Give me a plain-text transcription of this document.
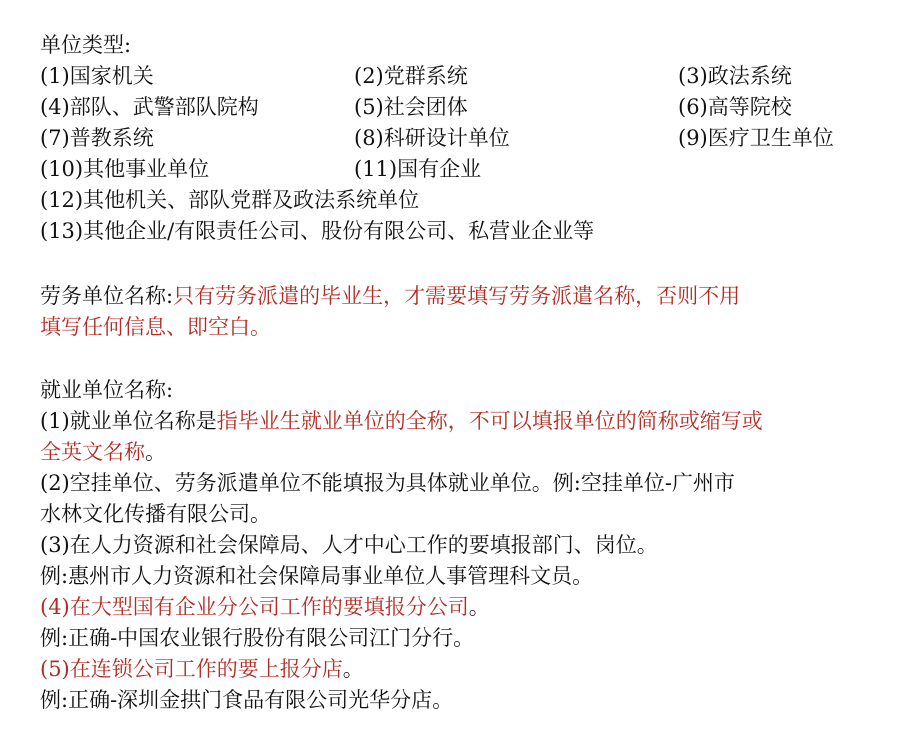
单位类型:
(1)国家机关	(2)党群系统	(3)政法系统
(4)部队、武警部队院构	(5)社会团体	(6)高等院校
(7)普教系统	(8)科研设计单位	(9)医疗卫生单位
(10)其他事业单位	(11)国有企业
(12)其他机关、部队党群及政法系统单位
(13)其他企业/有限责任公司、股份有限公司、私营业企业等
劳务单位名称:只有劳务派遣的毕业生，才需要填写劳务派遣名称，否则不用
填写任何信息、即空白。
就业单位名称:
(1)就业单位名称是指毕业生就业单位的全称，不可以填报单位的简称或缩写或
全英文名称。
(2)空挂单位、劳务派遣单位不能填报为具体就业单位。例:空挂单位-广州市
水林文化传播有限公司。
(3)在人力资源和社会保障局、人才中心工作的要填报部门、岗位。
例:惠州市人力资源和社会保障局事业单位人事管理科文员。
(4)在大型国有企业分公司工作的要填报分公司。
例:正确-中国农业银行股份有限公司江门分行。
(5)在连锁公司工作的要上报分店。
例:正确-深圳金拱门食品有限公司光华分店。
